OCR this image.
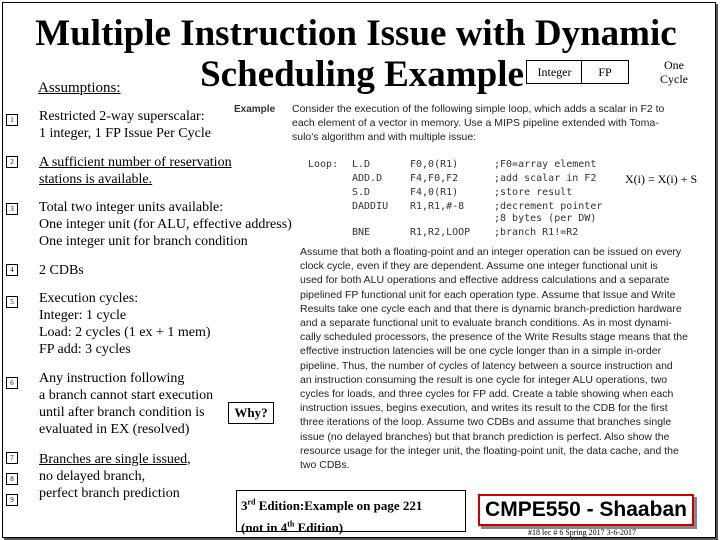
Multiple Instruction Issue with Dynamic
Scheduling Example
Assumptions:
Integer	FP	One
Cycle
Example Consider the execution of the following simple loop, which adds a scalar in F2 to
each element of a vector in memory. Use a MIPS pipeline extended with Toma-
sulo's algorithm and with multiple issue:
Loop: L.D	F0,0(R1)	;F0=array element
ADD.D	F4,F0,F2	;add scalar in F2
S.D	F4,0(R1)	;store result
DADDIU R1,R1,#-8	;decrement pointer
;8 bytes (per DW)
BNE	R1,R2,LOOP ;branch R1!=R2
Assume that both a floating-point and an integer operation can be issued on every
clock cycle, even if they are dependent. Assume one integer functional unit is
used for both ALU operations and effective address calculations and a separate
pipelined FP functional unit for each operation type. Assume that Issue and Write
Results take one cycle each and that there is dynamic branch-prediction hardware
and a separate functional unit to evaluate branch conditions. As in most dynami-
cally scheduled processors, the presence of the Write Results stage means that the
effective instruction latencies will be one cycle longer than in a simple in-order
pipeline. Thus, the number of cycles of latency between a source instruction and
an instruction consuming the result is one cycle for integer ALU operations, two
cycles for loads, and three cycles for FP add. Create a table showing when each
instruction issues, begins execution, and writes its result to the CDB for the first
three iterations of the loop. Assume two CDBs and assume that branches single
issue (no delayed branches) but that branch prediction is perfect. Also show the
resource usage for the integer unit, the floating-point unit, the data cache, and the
two CDBs.
X(i) = X(i) + S
1	Restricted 2-way superscalar:
1 integer, 1 FP Issue Per Cycle
2	A sufficient number of reservation
stations is available.
3	Total two integer units available:
One integer unit (for ALU, effective address)
One integer unit for branch condition
4	2 CDBs
5	Execution cycles:
Integer: 1 cycle
Load: 2 cycles (1 ex + 1 mem)
FP add: 3 cycles
6	Any instruction following
a branch cannot start execution
until after branch condition is
evaluated in EX (resolved)
Why?
7
8
9
Branches are single issued,
no delayed branch,
perfect branch prediction
3rd Edition:Example on page 221
(not in 4th Edition)
CMPE550 - Shaaban
#18 lec # 6 Spring 2017 3-6-2017
